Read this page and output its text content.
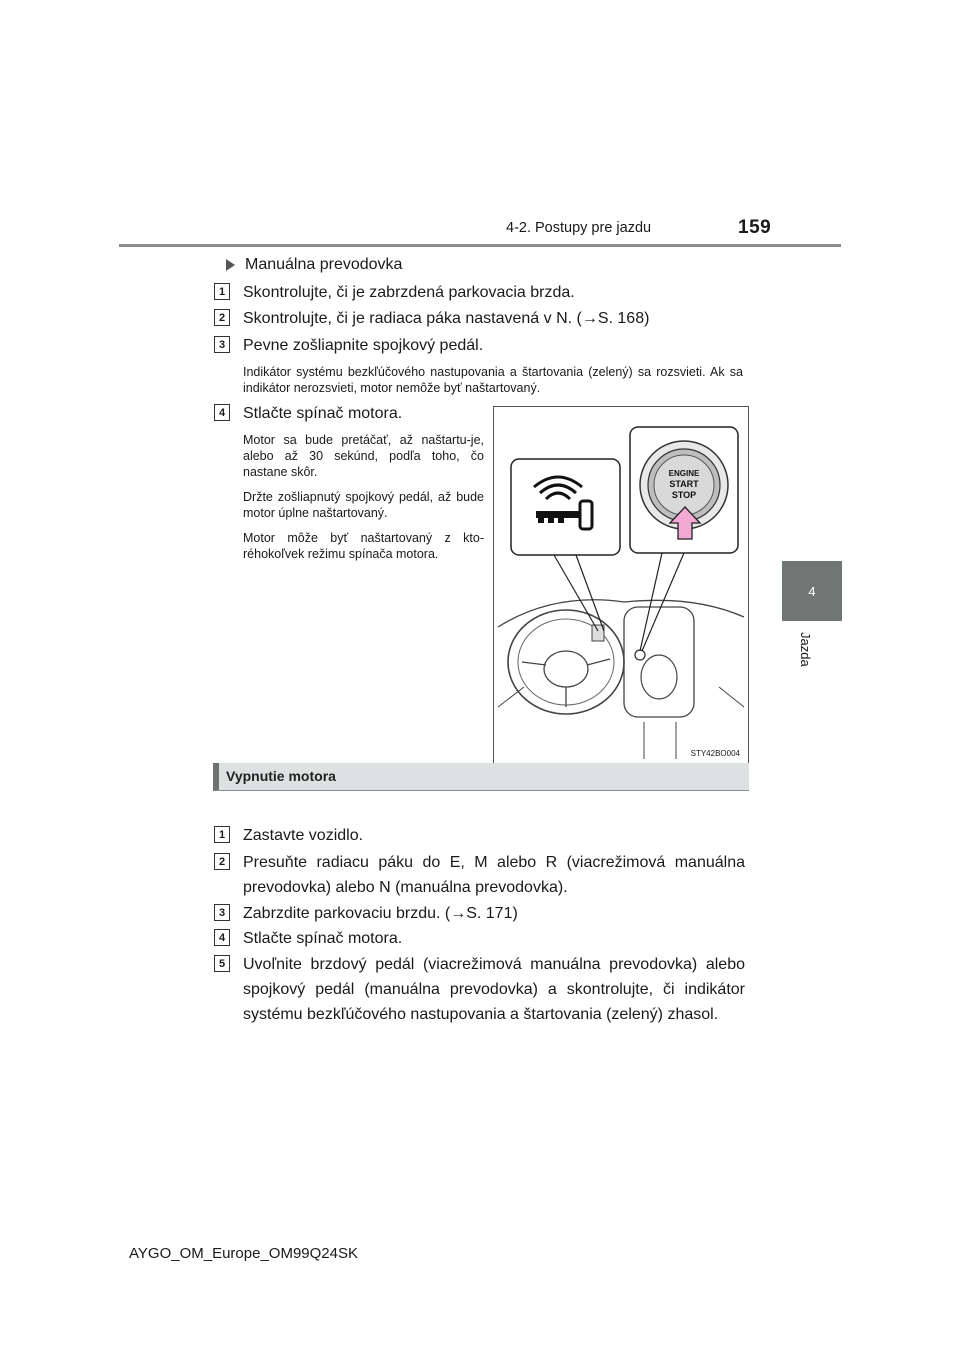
4-2. Postupy pre jazdu	159
4
Jazda
Manuálna prevodovka
1	Skontrolujte, či je zabrzdená parkovacia brzda.
2	Skontrolujte, či je radiaca páka nastavená v N. (→S. 168)
3	Pevne zošliapnite spojkový pedál.
Indikátor systému bezkľúčového nastupovania a štartovania (zelený) sa rozsvieti. Ak sa indikátor nerozsvieti, motor nemôže byť naštartovaný.
4	Stlačte spínač motora.
Motor sa bude pretáčať, až naštartu-je, alebo až 30 sekúnd, podľa toho, čo nastane skôr.
Držte zošliapnutý spojkový pedál, až bude motor úplne naštartovaný.
Motor môže byť naštartovaný z kto-réhokoľvek režimu spínača motora.
ENGINE
START
STOP
STY42BO004
Vypnutie motora
1	Zastavte vozidlo.
2	Presuňte radiacu páku do E, M alebo R (viacrežimová manuálna prevodovka) alebo N (manuálna prevodovka).
3	Zabrzdite parkovaciu brzdu. (→S. 171)
4	Stlačte spínač motora.
5	Uvoľnite brzdový pedál (viacrežimová manuálna prevodovka) alebo spojkový pedál (manuálna prevodovka) a skontrolujte, či indikátor systému bezkľúčového nastupovania a štartovania (zelený) zhasol.
AYGO_OM_Europe_OM99Q24SK
